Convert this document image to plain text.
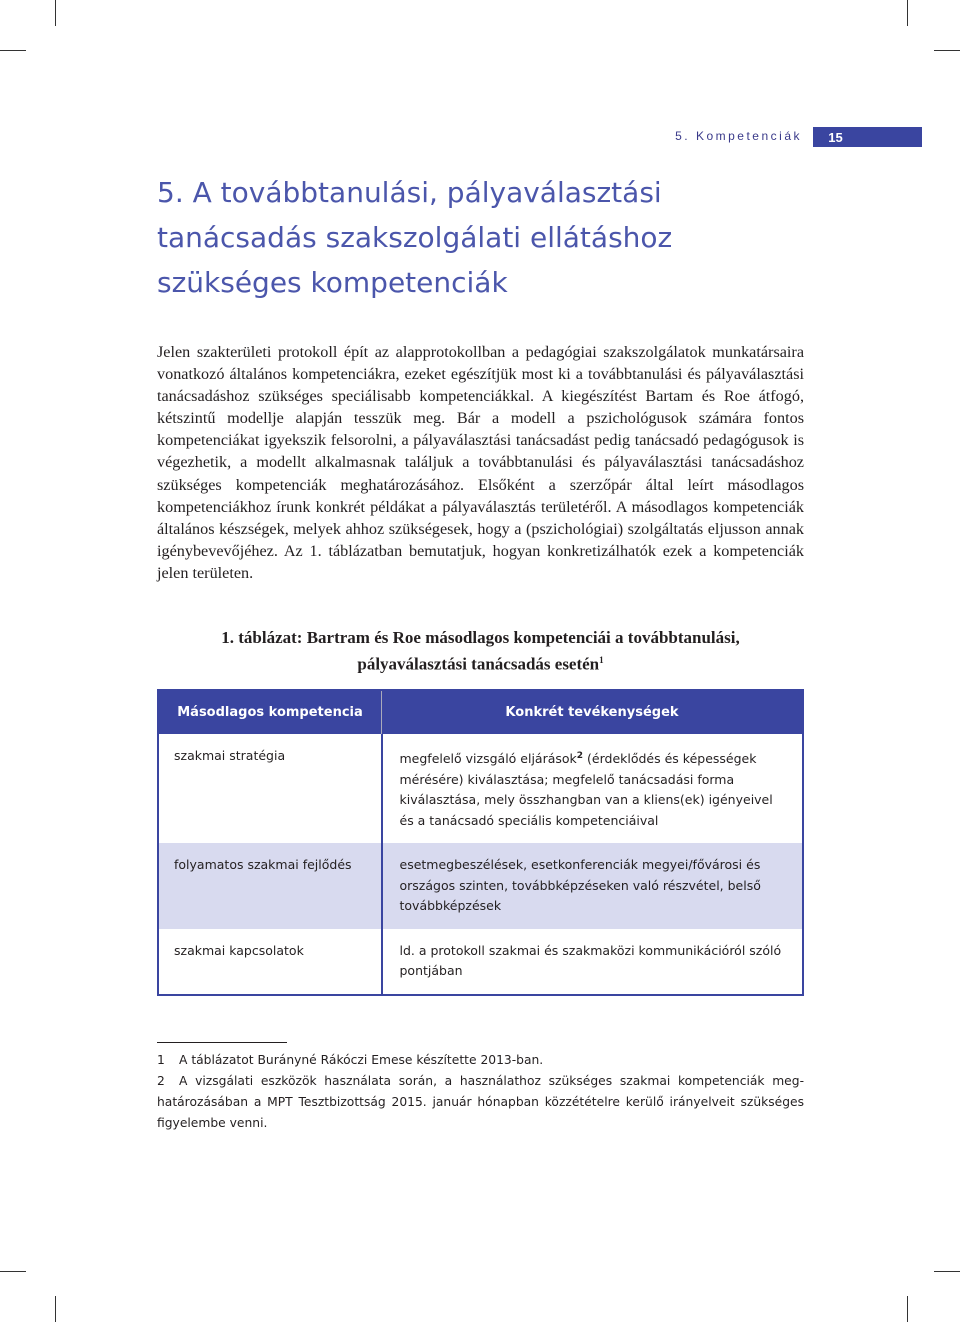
5. Kompetenciák 15
5. A továbbtanulási, pályaválasztási tanácsadás szakszolgálati ellátáshoz szükséges kompetenciák

Jelen szakterületi protokoll épít az alapprotokollban a pedagógiai szakszolgálatok munkatársaira vonatkozó általános kompetenciákra, ezeket egészítjük most ki a továbbtanulási és pályaválasztási tanácsadáshoz szükséges speciálisabb kompetenciákkal. A kiegészítést Bartam és Roe átfogó, kétszintű modellje alapján tesszük meg. Bár a modell a pszichológusok számára fontos kompetenciákat igyekszik felsorolni, a pályaválasztási tanácsadást pedig tanácsadó pedagógusok is végezhetik, a modellt alkalmasnak találjuk a továbbtanulási és pályaválasztási tanácsadáshoz szükséges kompetenciák meghatározásához. Elsőként a szerzőpár által leírt másodlagos kompetenciákhoz írunk konkrét példákat a pályaválasztás területéről. A másodlagos kompetenciák általános készségek, melyek ahhoz szükségesek, hogy a (pszichológiai) szolgáltatás eljusson annak igénybevevőjéhez. Az 1. táblázatban bemutatjuk, hogyan konkretizálhatók ezek a kompetenciák jelen területen.

1. táblázat: Bartram és Roe másodlagos kompetenciái a továbbtanulási,
pályaválasztási tanácsadás esetén$^1$

Másodlagos kompetencia	Konkrét tevékenységek
szakmai stratégia	megfelelő vizsgáló eljárások$^2$ (érdeklődés és képességek mérésére) kiválasztása; megfelelő tanácsadási forma kiválasztása, mely összhangban van a kliens(ek) igényeivel és a tanácsadó speciális kompetenciáival
folyamatos szakmai fejlődés	esetmegbeszélések, esetkonferenciák megyei/fővárosi és országos szinten, továbbképzéseken való részvétel, belső továbbképzések
szakmai kapcsolatok	ld. a protokoll szakmai és szakmaközi kommunikációról szóló pontjában

1 A táblázatot Burányné Rákóczi Emese készítette 2013-ban.

2 A vizsgálati eszközök használata során, a használathoz szükséges szakmai kompetenciák meghatározásában a MPT Tesztbizottság 2015. január hónapban közzétételre kerülő irányelveit szükséges figyelembe venni.
